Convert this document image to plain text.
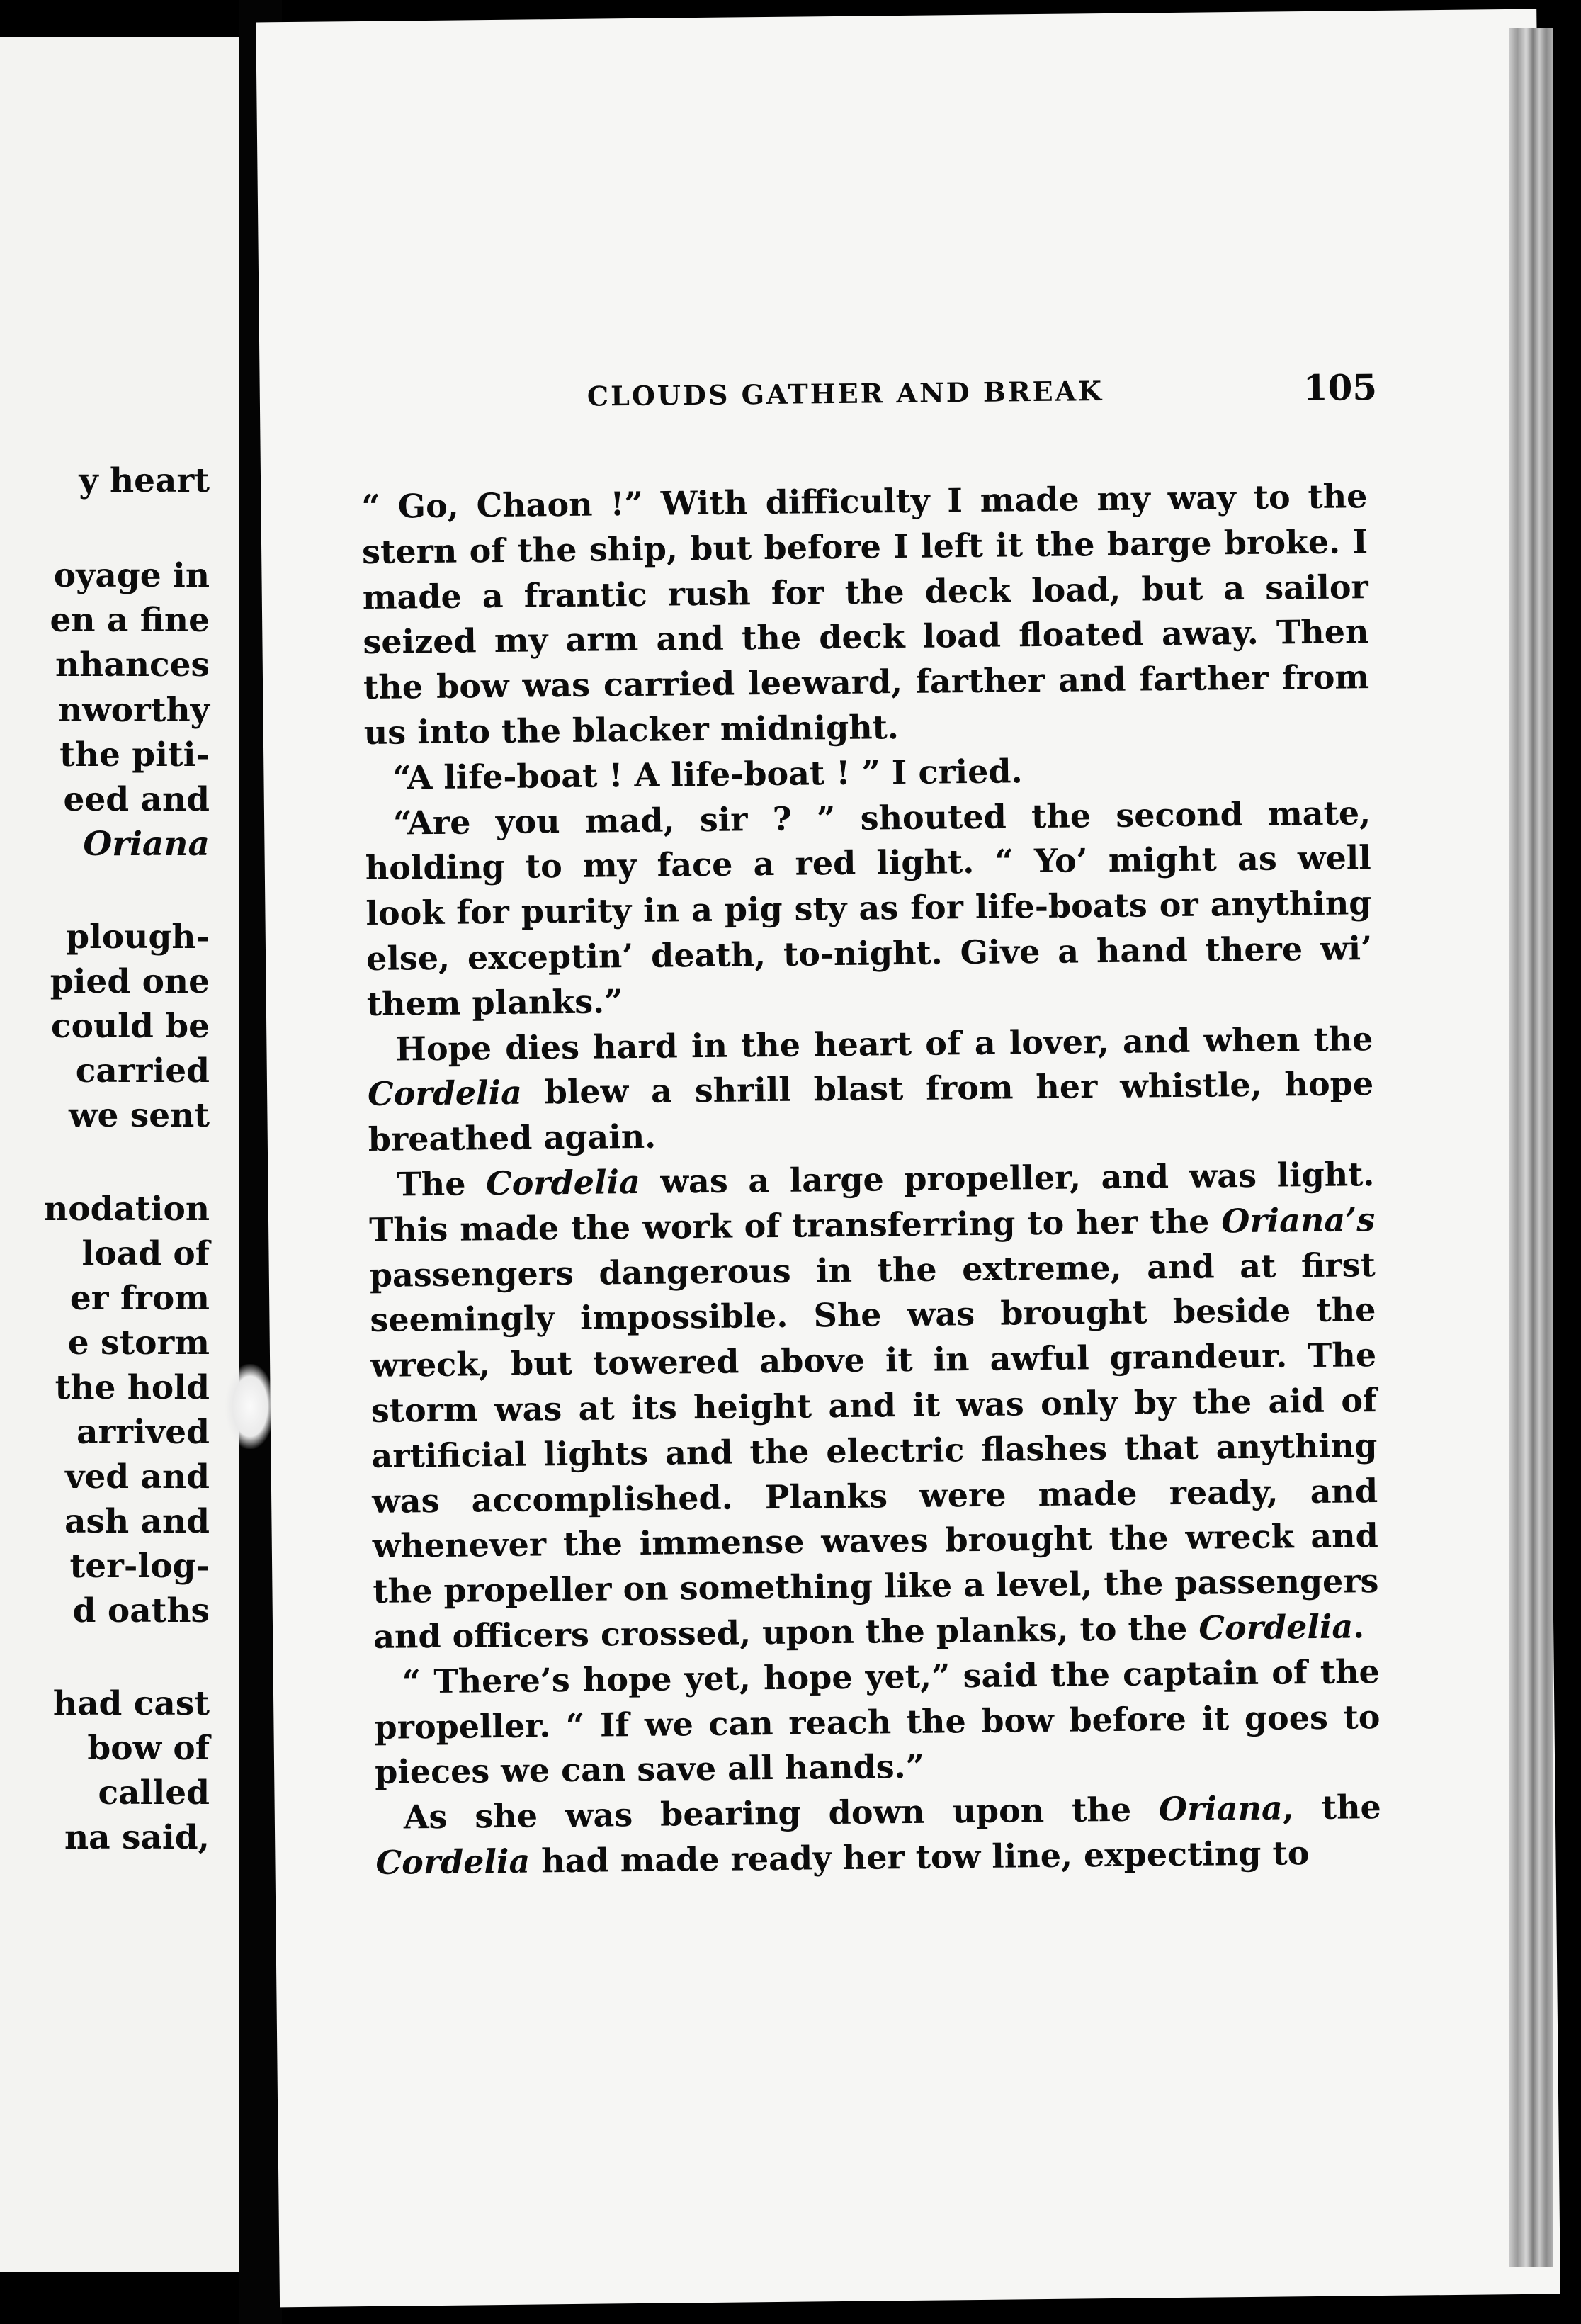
y heart
oyage in
en a fine
nhances
nworthy
the piti-
eed and
Oriana
plough-
pied one
could be
carried
we sent
nodation
load of
er from
e storm
the hold
arrived
ved and
ash and
ter-log-
d oaths
had cast
bow of
called
na said,
CLOUDS GATHER AND BREAK	105
“ Go, Chaon !” With difficulty I made my way to the
stern of the ship, but before I left it the barge broke. I
made a frantic rush for the deck load, but a sailor
seized my arm and the deck load floated away. Then
the bow was carried leeward, farther and farther from
us into the blacker midnight.
“A life-boat ! A life-boat ! ” I cried.
“Are you mad, sir ? ” shouted the second mate,
holding to my face a red light. “ Yo’ might as well
look for purity in a pig sty as for life-boats or anything
else, exceptin’ death, to-night. Give a hand there wi’
them planks.”
Hope dies hard in the heart of a lover, and when the
Cordelia blew a shrill blast from her whistle, hope
breathed again.
The Cordelia was a large propeller, and was light.
This made the work of transferring to her the Oriana’s
passengers dangerous in the extreme, and at first
seemingly impossible. She was brought beside the
wreck, but towered above it in awful grandeur. The
storm was at its height and it was only by the aid of
artificial lights and the electric flashes that anything
was accomplished. Planks were made ready, and
whenever the immense waves brought the wreck and
the propeller on something like a level, the passengers
and officers crossed, upon the planks, to the Cordelia.
“ There’s hope yet, hope yet,” said the captain of the
propeller. “ If we can reach the bow before it goes to
pieces we can save all hands.”
As she was bearing down upon the Oriana, the
Cordelia had made ready her tow line, expecting to
